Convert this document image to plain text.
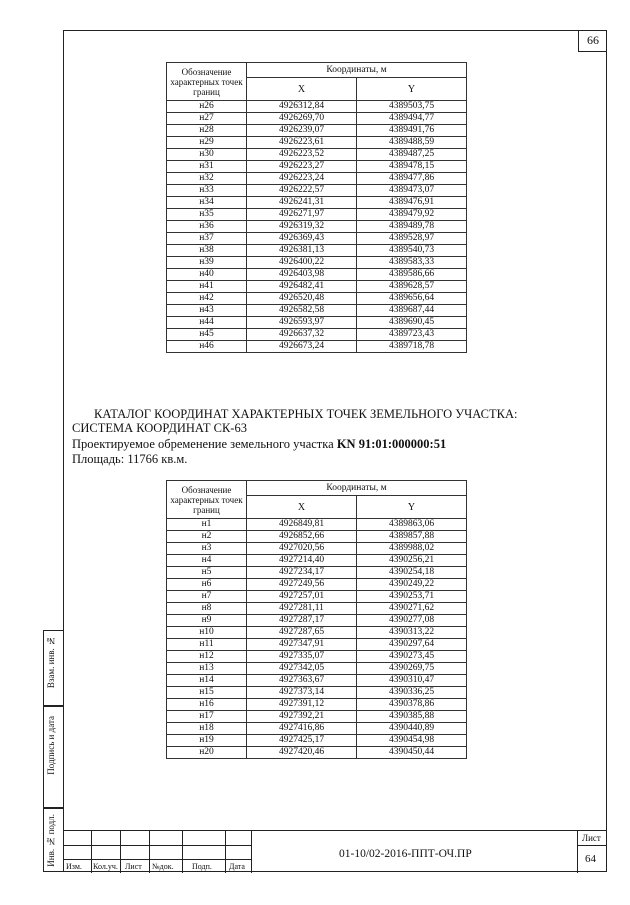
66
Обозначение характерных точек границ	Координаты, м	
	X	Y
н26	4926312,84	4389503,75
н27	4926269,70	4389494,77
н28	4926239,07	4389491,76
н29	4926223,61	4389488,59
н30	4926223,52	4389487,25
н31	4926223,27	4389478,15
н32	4926223,24	4389477,86
н33	4926222,57	4389473,07
н34	4926241,31	4389476,91
н35	4926271,97	4389479,92
н36	4926319,32	4389489,78
н37	4926369,43	4389528,97
н38	4926381,13	4389540,73
н39	4926400,22	4389583,33
н40	4926403,98	4389586,66
н41	4926482,41	4389628,57
н42	4926520,48	4389656,64
н43	4926582,58	4389687,44
н44	4926593,97	4389690,45
н45	4926637,32	4389723,43
н46	4926673,24	4389718,78
КАТАЛОГ КООРДИНАТ ХАРАКТЕРНЫХ ТОЧЕК ЗЕМЕЛЬНОГО УЧАСТКА:
СИСТЕМА КООРДИНАТ СК-63
Проектируемое обременение земельного участка KN 91:01:000000:51
Площадь: 11766 кв.м.
Обозначение характерных точек границ	Координаты, м	
	X	Y
н1	4926849,81	4389863,06
н2	4926852,66	4389857,88
н3	4927020,56	4389988,02
н4	4927214,40	4390256,21
н5	4927234,17	4390254,18
н6	4927249,56	4390249,22
н7	4927257,01	4390253,71
н8	4927281,11	4390271,62
н9	4927287,17	4390277,08
н10	4927287,65	4390313,22
н11	4927347,91	4390297,64
н12	4927335,07	4390273,45
н13	4927342,05	4390269,75
н14	4927363,67	4390310,47
н15	4927373,14	4390336,25
н16	4927391,12	4390378,86
н17	4927392,21	4390385,88
н18	4927416,86	4390440,89
н19	4927425,17	4390454,98
н20	4927420,46	4390450,44
Взам. инв. №
Подпись и дата
Инв. № подл. Изм. Кол.уч. Лист №док. Подп. Дата
01-10/02-2016-ППТ-ОЧ.ПР
Лист
64
